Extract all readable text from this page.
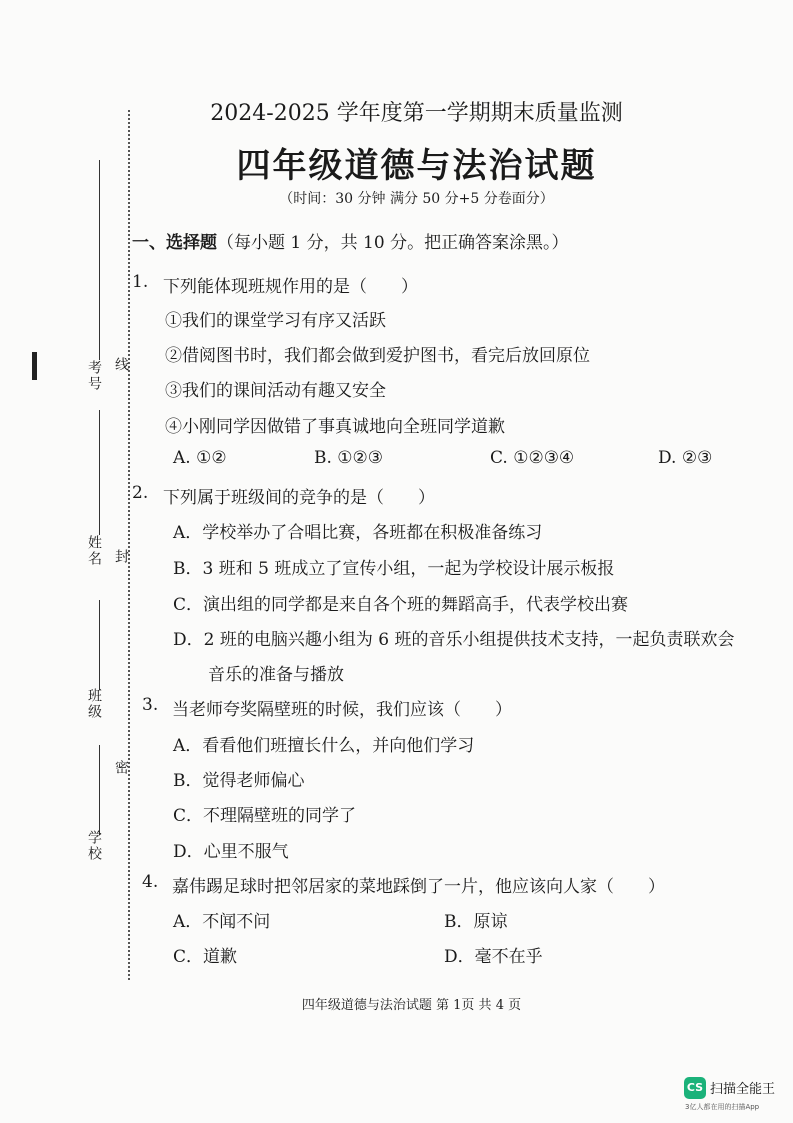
考号 线
姓名 封
班级
密
学校
2024-2025 学年度第一学期期末质量监测
四年级道德与法治试题
（时间：30 分钟 满分 50 分+5 分卷面分）
一、选择题（每小题 1 分，共 10 分。把正确答案涂黑。）
1. 下列能体现班规作用的是（　　）
①我们的课堂学习有序又活跃
②借阅图书时，我们都会做到爱护图书，看完后放回原位
③我们的课间活动有趣又安全
④小刚同学因做错了事真诚地向全班同学道歉
A. ①②	B. ①②③	C. ①②③④	D. ②③
2. 下列属于班级间的竞争的是（　　）
A．学校举办了合唱比赛，各班都在积极准备练习
B．3 班和 5 班成立了宣传小组，一起为学校设计展示板报
C．演出组的同学都是来自各个班的舞蹈高手，代表学校出赛
D．2 班的电脑兴趣小组为 6 班的音乐小组提供技术支持，一起负责联欢会
音乐的准备与播放
3. 当老师夸奖隔壁班的时候，我们应该（　　）
A．看看他们班擅长什么，并向他们学习
B．觉得老师偏心
C．不理隔壁班的同学了
D．心里不服气
4. 嘉伟踢足球时把邻居家的菜地踩倒了一片，他应该向人家（　　）
A．不闻不问	B．原谅
C．道歉	D．毫不在乎
四年级道德与法治试题 第 1页 共 4 页
CS 扫描全能王
3亿人都在用的扫描App
